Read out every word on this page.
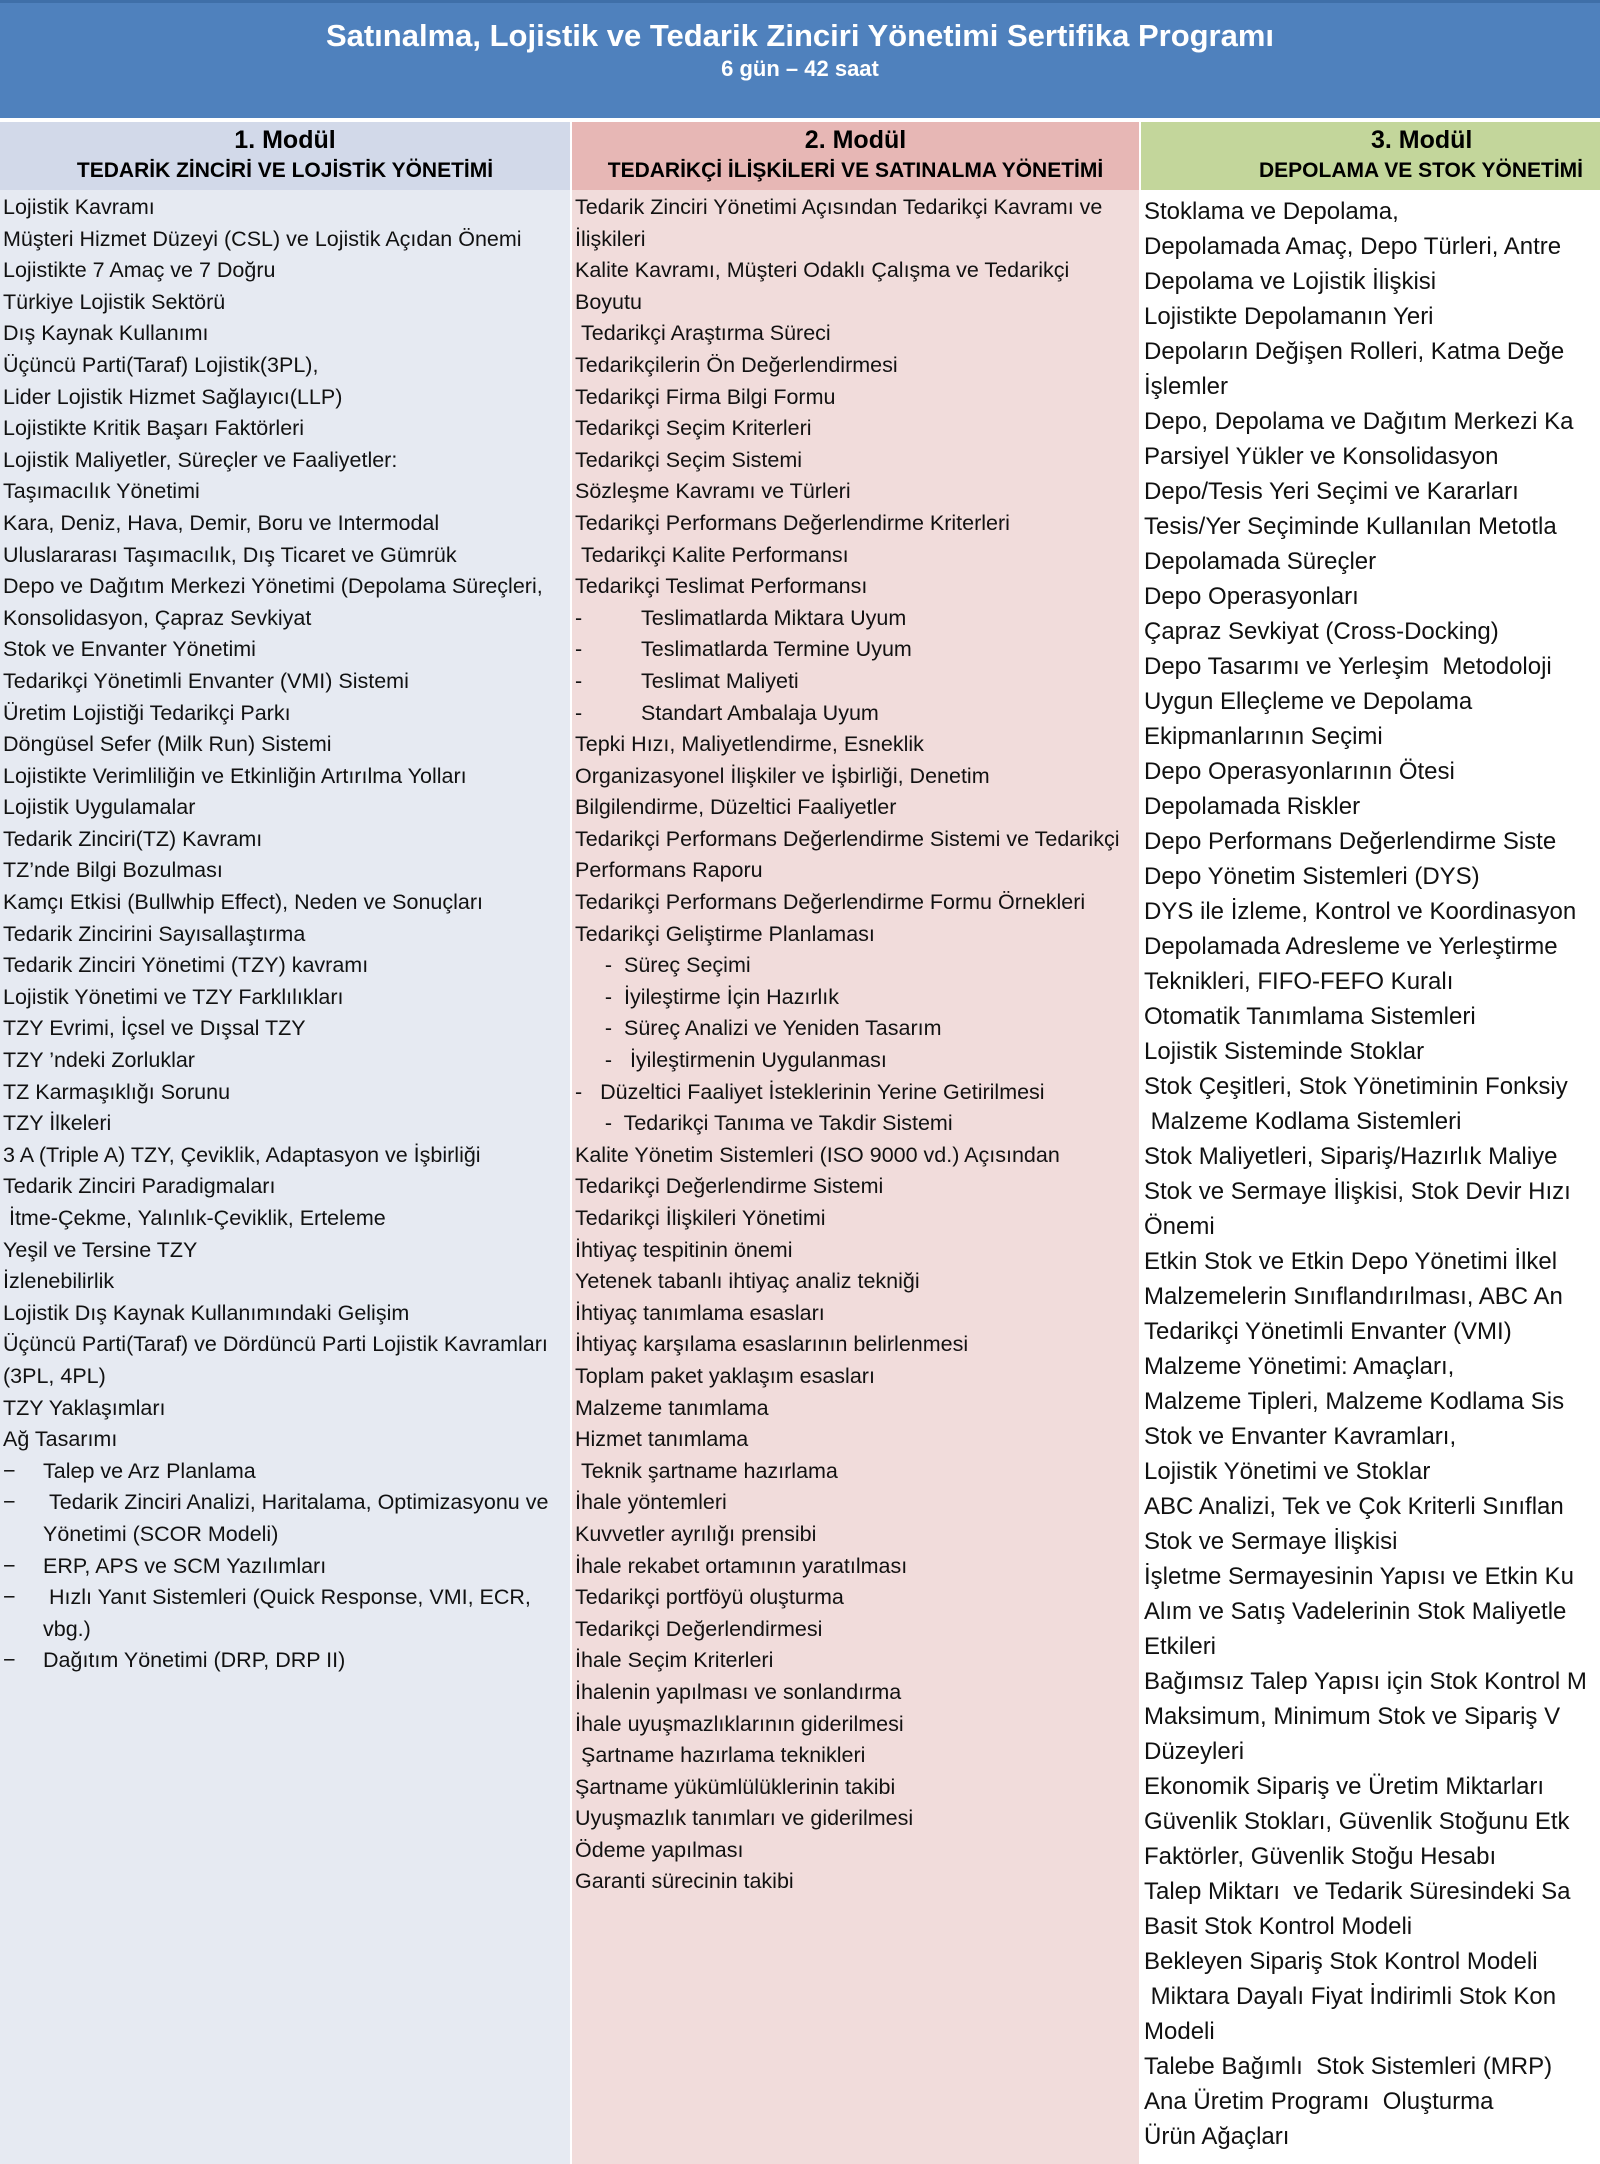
Satınalma, Lojistik ve Tedarik Zinciri Yönetimi Sertifika Programı
6 gün – 42 saat
1. Modül
TEDARİK ZİNCİRİ VE LOJİSTİK YÖNETİMİ
Lojistik Kavramı
Müşteri Hizmet Düzeyi (CSL) ve Lojistik Açıdan Önemi
Lojistikte 7 Amaç ve 7 Doğru
Türkiye Lojistik Sektörü
Dış Kaynak Kullanımı
Üçüncü Parti(Taraf) Lojistik(3PL),
Lider Lojistik Hizmet Sağlayıcı(LLP)
Lojistikte Kritik Başarı Faktörleri
Lojistik Maliyetler, Süreçler ve Faaliyetler:
Taşımacılık Yönetimi
Kara, Deniz, Hava, Demir, Boru ve Intermodal
Uluslararası Taşımacılık, Dış Ticaret ve Gümrük
Depo ve Dağıtım Merkezi Yönetimi (Depolama Süreçleri, Konsolidasyon, Çapraz Sevkiyat
Stok ve Envanter Yönetimi
Tedarikçi Yönetimli Envanter (VMI) Sistemi
Üretim Lojistiği Tedarikçi Parkı
Döngüsel Sefer (Milk Run) Sistemi
Lojistikte Verimliliğin ve Etkinliğin Artırılma Yolları
Lojistik Uygulamalar
Tedarik Zinciri(TZ) Kavramı
TZ’nde Bilgi Bozulması
Kamçı Etkisi (Bullwhip Effect), Neden ve Sonuçları
Tedarik Zincirini Sayısallaştırma
Tedarik Zinciri Yönetimi (TZY) kavramı
Lojistik Yönetimi ve TZY Farklılıkları
TZY Evrimi, İçsel ve Dışsal TZY
TZY ’ndeki Zorluklar
TZ Karmaşıklığı Sorunu
TZY İlkeleri
3 A (Triple A) TZY, Çeviklik, Adaptasyon ve İşbirliği
Tedarik Zinciri Paradigmaları
İtme-Çekme, Yalınlık-Çeviklik, Erteleme
Yeşil ve Tersine TZY
İzlenebilirlik
Lojistik Dış Kaynak Kullanımındaki Gelişim
Üçüncü Parti(Taraf) ve Dördüncü Parti Lojistik Kavramları (3PL, 4PL)
TZY Yaklaşımları
Ağ Tasarımı
− Talep ve Arz Planlama
− Tedarik Zinciri Analizi, Haritalama, Optimizasyonu ve Yönetimi (SCOR Modeli)
− ERP, APS ve SCM Yazılımları
− Hızlı Yanıt Sistemleri (Quick Response, VMI, ECR, vbg.)
− Dağıtım Yönetimi (DRP, DRP II)
2. Modül
TEDARİKÇİ İLİŞKİLERİ VE SATINALMA YÖNETİMİ
Tedarik Zinciri Yönetimi Açısından Tedarikçi Kavramı ve İlişkileri
Kalite Kavramı, Müşteri Odaklı Çalışma ve Tedarikçi Boyutu
Tedarikçi Araştırma Süreci
Tedarikçilerin Ön Değerlendirmesi
Tedarikçi Firma Bilgi Formu
Tedarikçi Seçim Kriterleri
Tedarikçi Seçim Sistemi
Sözleşme Kavramı ve Türleri
Tedarikçi Performans Değerlendirme Kriterleri
Tedarikçi Kalite Performansı
Tedarikçi Teslimat Performansı
-	Teslimatlarda Miktara Uyum
-	Teslimatlarda Termine Uyum
-	Teslimat Maliyeti
-	Standart Ambalaja Uyum
Tepki Hızı, Maliyetlendirme, Esneklik
Organizasyonel İlişkiler ve İşbirliği, Denetim
Bilgilendirme, Düzeltici Faaliyetler
Tedarikçi Performans Değerlendirme Sistemi ve Tedarikçi Performans Raporu
Tedarikçi Performans Değerlendirme Formu Örnekleri
Tedarikçi Geliştirme Planlaması
-  Süreç Seçimi
-  İyileştirme İçin Hazırlık
-  Süreç Analizi ve Yeniden Tasarım
-   İyileştirmenin Uygulanması
-   Düzeltici Faaliyet İsteklerinin Yerine Getirilmesi
-  Tedarikçi Tanıma ve Takdir Sistemi
Kalite Yönetim Sistemleri (ISO 9000 vd.) Açısından Tedarikçi Değerlendirme Sistemi
Tedarikçi İlişkileri Yönetimi
İhtiyaç tespitinin önemi
Yetenek tabanlı ihtiyaç analiz tekniği
İhtiyaç tanımlama esasları
İhtiyaç karşılama esaslarının belirlenmesi
Toplam paket yaklaşım esasları
Malzeme tanımlama
Hizmet tanımlama
Teknik şartname hazırlama
İhale yöntemleri
Kuvvetler ayrılığı prensibi
İhale rekabet ortamının yaratılması
Tedarikçi portföyü oluşturma
Tedarikçi Değerlendirmesi
İhale Seçim Kriterleri
İhalenin yapılması ve sonlandırma
İhale uyuşmazlıklarının giderilmesi
Şartname hazırlama teknikleri
Şartname yükümlülüklerinin takibi
Uyuşmazlık tanımları ve giderilmesi
Ödeme yapılması
Garanti sürecinin takibi
3. Modül
DEPOLAMA VE STOK YÖNETİMİ
Stoklama ve Depolama,
Depolamada Amaç, Depo Türleri, Antre
Depolama ve Lojistik İlişkisi
Lojistikte Depolamanın Yeri
Depoların Değişen Rolleri, Katma Değe
İşlemler
Depo, Depolama ve Dağıtım Merkezi Ka
Parsiyel Yükler ve Konsolidasyon
Depo/Tesis Yeri Seçimi ve Kararları
Tesis/Yer Seçiminde Kullanılan Metotla
Depolamada Süreçler
Depo Operasyonları
Çapraz Sevkiyat (Cross-Docking)
Depo Tasarımı ve Yerleşim  Metodoloji
Uygun Elleçleme ve Depolama
Ekipmanlarının Seçimi
Depo Operasyonlarının Ötesi
Depolamada Riskler
Depo Performans Değerlendirme Siste
Depo Yönetim Sistemleri (DYS)
DYS ile İzleme, Kontrol ve Koordinasyon
Depolamada Adresleme ve Yerleştirme
Teknikleri, FIFO-FEFO Kuralı
Otomatik Tanımlama Sistemleri
Lojistik Sisteminde Stoklar
Stok Çeşitleri, Stok Yönetiminin Fonksiy
Malzeme Kodlama Sistemleri
Stok Maliyetleri, Sipariş/Hazırlık Maliye
Stok ve Sermaye İlişkisi, Stok Devir Hızı
Önemi
Etkin Stok ve Etkin Depo Yönetimi İlkel
Malzemelerin Sınıflandırılması, ABC An
Tedarikçi Yönetimli Envanter (VMI)
Malzeme Yönetimi: Amaçları,
Malzeme Tipleri, Malzeme Kodlama Sis
Stok ve Envanter Kavramları,
Lojistik Yönetimi ve Stoklar
ABC Analizi, Tek ve Çok Kriterli Sınıflan
Stok ve Sermaye İlişkisi
İşletme Sermayesinin Yapısı ve Etkin Ku
Alım ve Satış Vadelerinin Stok Maliyetle
Etkileri
Bağımsız Talep Yapısı için Stok Kontrol M
Maksimum, Minimum Stok ve Sipariş V
Düzeyleri
Ekonomik Sipariş ve Üretim Miktarları
Güvenlik Stokları, Güvenlik Stoğunu Etk
Faktörler, Güvenlik Stoğu Hesabı
Talep Miktarı  ve Tedarik Süresindeki Sa
Basit Stok Kontrol Modeli
Bekleyen Sipariş Stok Kontrol Modeli
Miktara Dayalı Fiyat İndirimli Stok Kon
Modeli
Talebe Bağımlı  Stok Sistemleri (MRP)
Ana Üretim Programı  Oluşturma
Ürün Ağaçları
